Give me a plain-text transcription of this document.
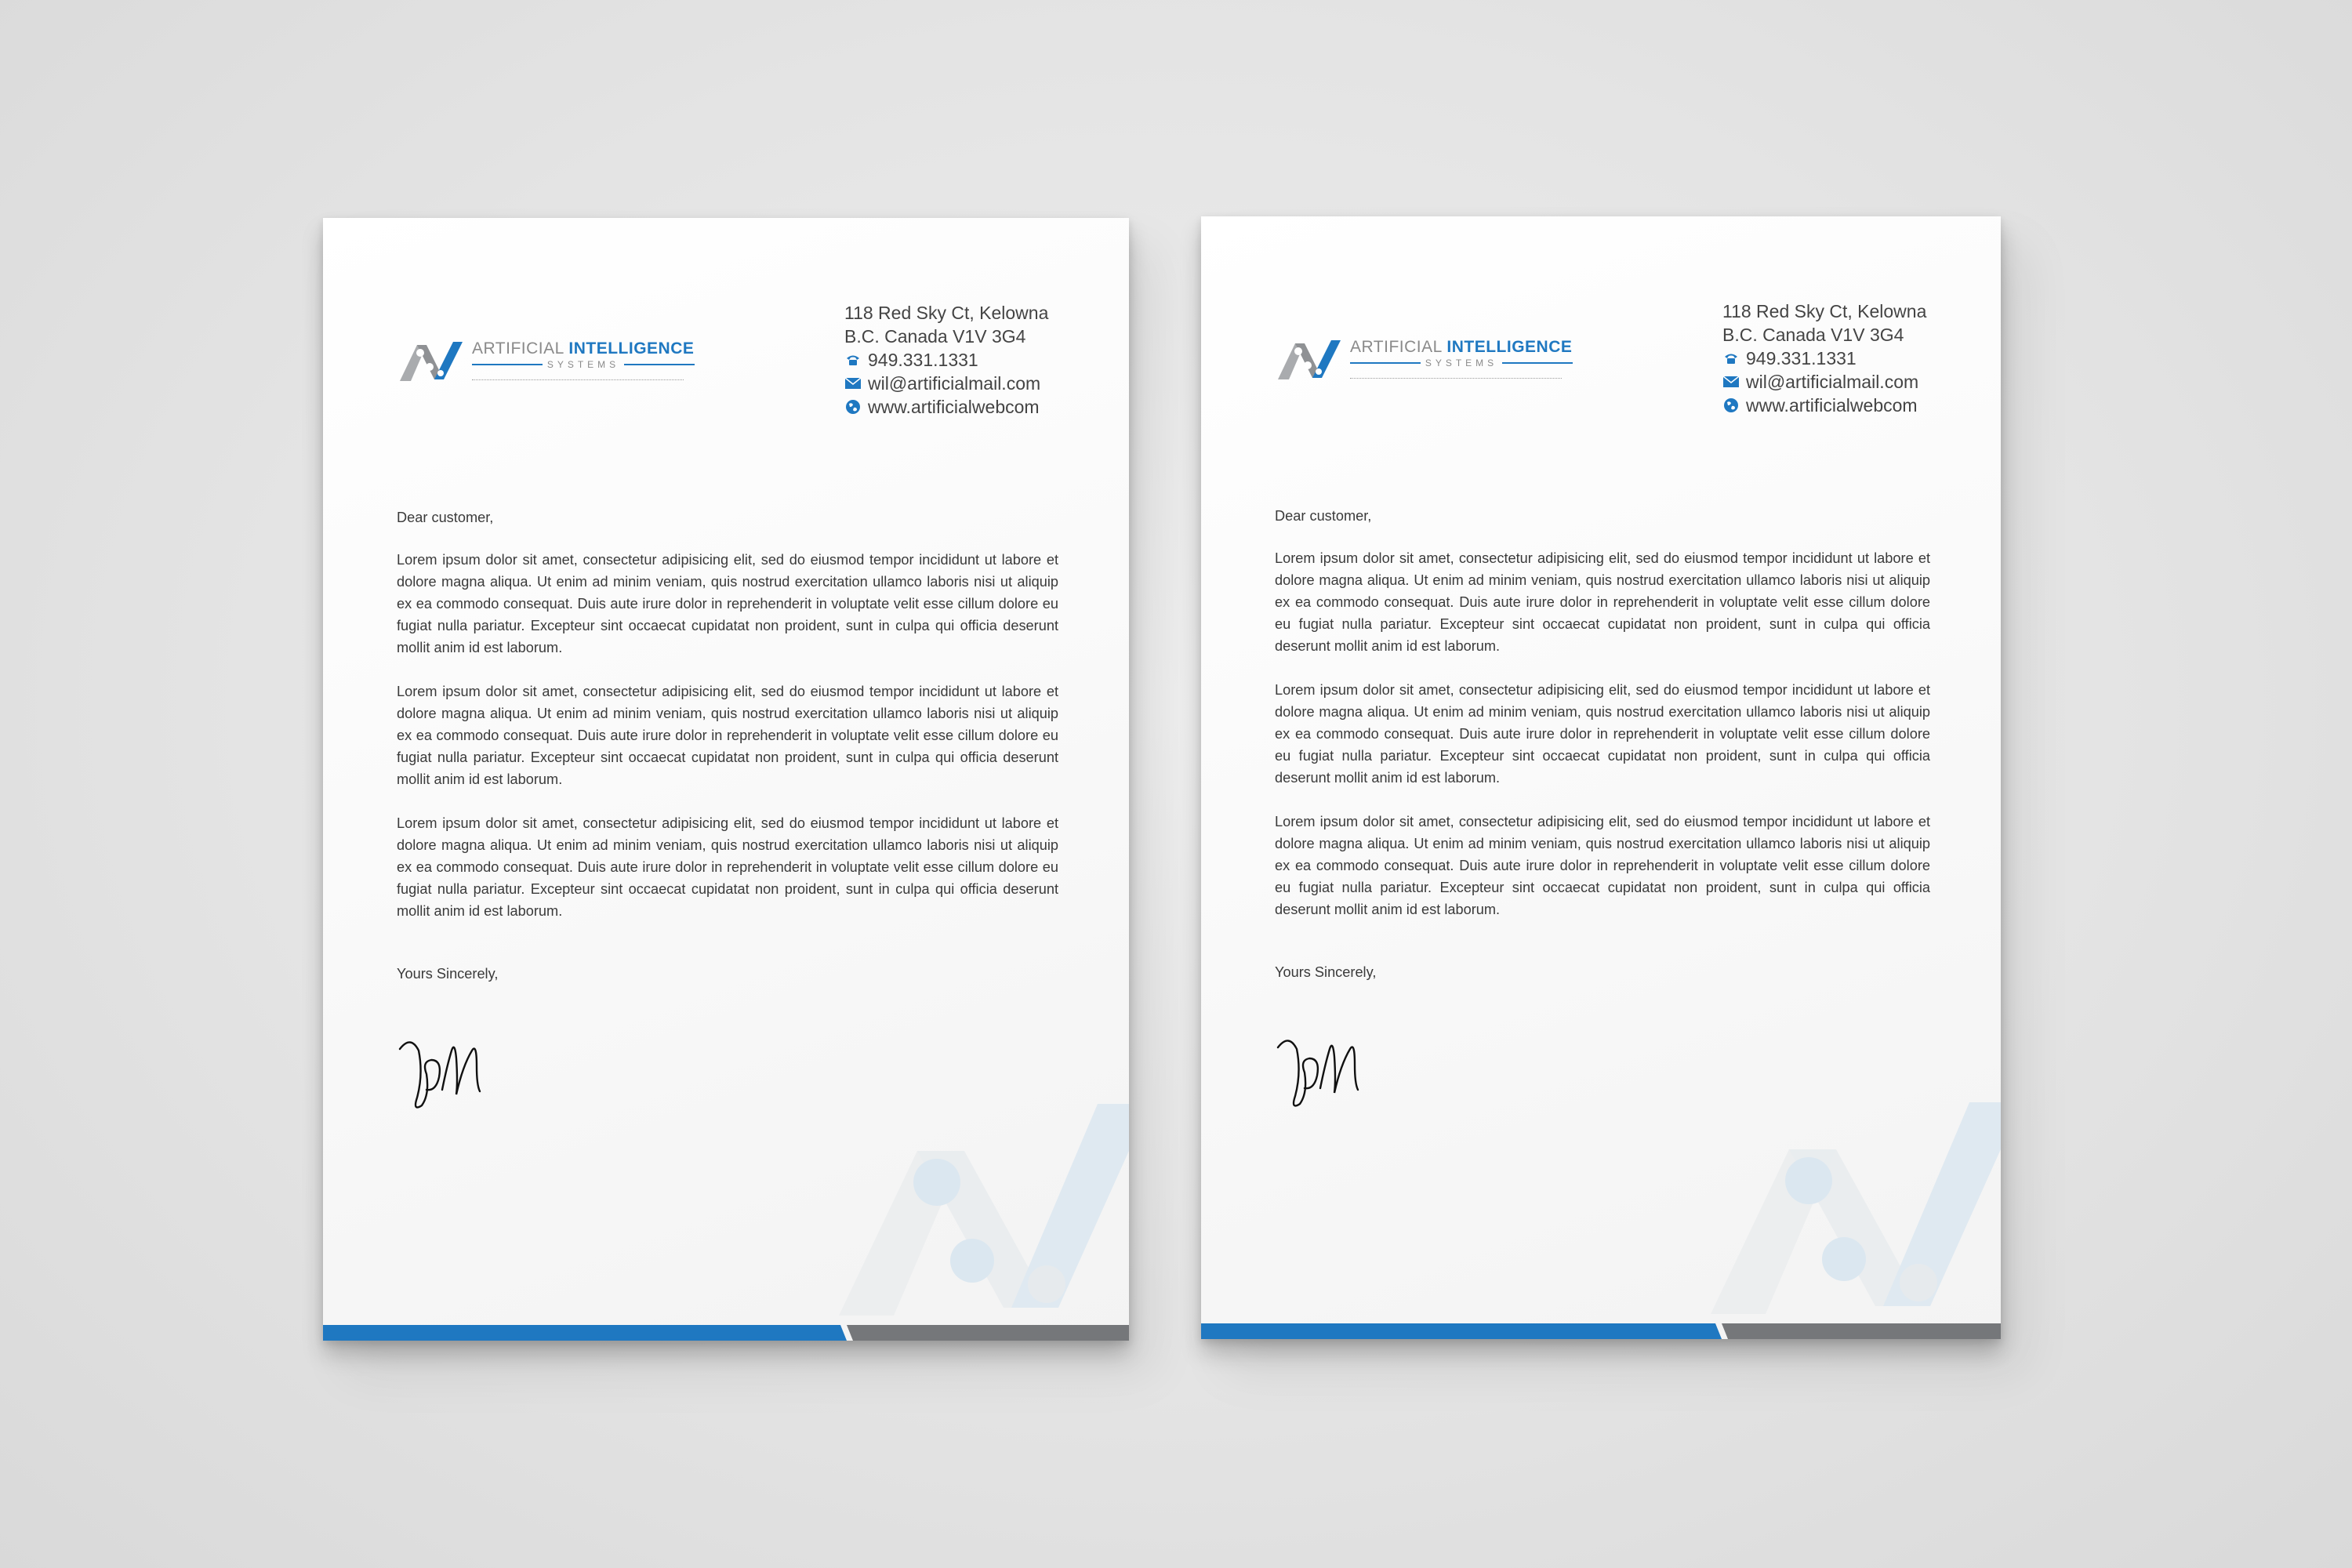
ARTIFICIAL INTELLIGENCE
SYSTEMS
118 Red Sky Ct, Kelowna
B.C. Canada V1V 3G4
949.331.1331
wil@artificialmail.com
www.artificialwebcom
Dear customer,

Lorem ipsum dolor sit amet, consectetur adipisicing elit, sed do eiusmod tempor incididunt ut labore et dolore magna aliqua. Ut enim ad minim veniam, quis nostrud exercitation ullamco laboris nisi ut aliquip ex ea commodo consequat. Duis aute irure dolor in reprehenderit in voluptate velit esse cillum dolore eu fugiat nulla pariatur. Excepteur sint occaecat cupidatat non proident, sunt in culpa qui officia deserunt mollit anim id est laborum.

Lorem ipsum dolor sit amet, consectetur adipisicing elit, sed do eiusmod tempor incididunt ut labore et dolore magna aliqua. Ut enim ad minim veniam, quis nostrud exercitation ullamco laboris nisi ut aliquip ex ea commodo consequat. Duis aute irure dolor in reprehenderit in voluptate velit esse cillum dolore eu fugiat nulla pariatur. Excepteur sint occaecat cupidatat non proident, sunt in culpa qui officia deserunt mollit anim id est laborum.

Lorem ipsum dolor sit amet, consectetur adipisicing elit, sed do eiusmod tempor incididunt ut labore et dolore magna aliqua. Ut enim ad minim veniam, quis nostrud exercitation ullamco laboris nisi ut aliquip ex ea commodo consequat. Duis aute irure dolor in reprehenderit in voluptate velit esse cillum dolore eu fugiat nulla pariatur. Excepteur sint occaecat cupidatat non proident, sunt in culpa qui officia deserunt mollit anim id est laborum.

Yours Sincerely,
ARTIFICIAL INTELLIGENCE
SYSTEMS
118 Red Sky Ct, Kelowna
B.C. Canada V1V 3G4
949.331.1331
wil@artificialmail.com
www.artificialwebcom
Dear customer,

Lorem ipsum dolor sit amet, consectetur adipisicing elit, sed do eiusmod tempor incididunt ut labore et dolore magna aliqua. Ut enim ad minim veniam, quis nostrud exercitation ullamco laboris nisi ut aliquip ex ea commodo consequat. Duis aute irure dolor in reprehenderit in voluptate velit esse cillum dolore eu fugiat nulla pariatur. Excepteur sint occaecat cupidatat non proident, sunt in culpa qui officia deserunt mollit anim id est laborum.

Lorem ipsum dolor sit amet, consectetur adipisicing elit, sed do eiusmod tempor incididunt ut labore et dolore magna aliqua. Ut enim ad minim veniam, quis nostrud exercitation ullamco laboris nisi ut aliquip ex ea commodo consequat. Duis aute irure dolor in reprehenderit in voluptate velit esse cillum dolore eu fugiat nulla pariatur. Excepteur sint occaecat cupidatat non proident, sunt in culpa qui officia deserunt mollit anim id est laborum.

Lorem ipsum dolor sit amet, consectetur adipisicing elit, sed do eiusmod tempor incididunt ut labore et dolore magna aliqua. Ut enim ad minim veniam, quis nostrud exercitation ullamco laboris nisi ut aliquip ex ea commodo consequat. Duis aute irure dolor in reprehenderit in voluptate velit esse cillum dolore eu fugiat nulla pariatur. Excepteur sint occaecat cupidatat non proident, sunt in culpa qui officia deserunt mollit anim id est laborum.

Yours Sincerely,
